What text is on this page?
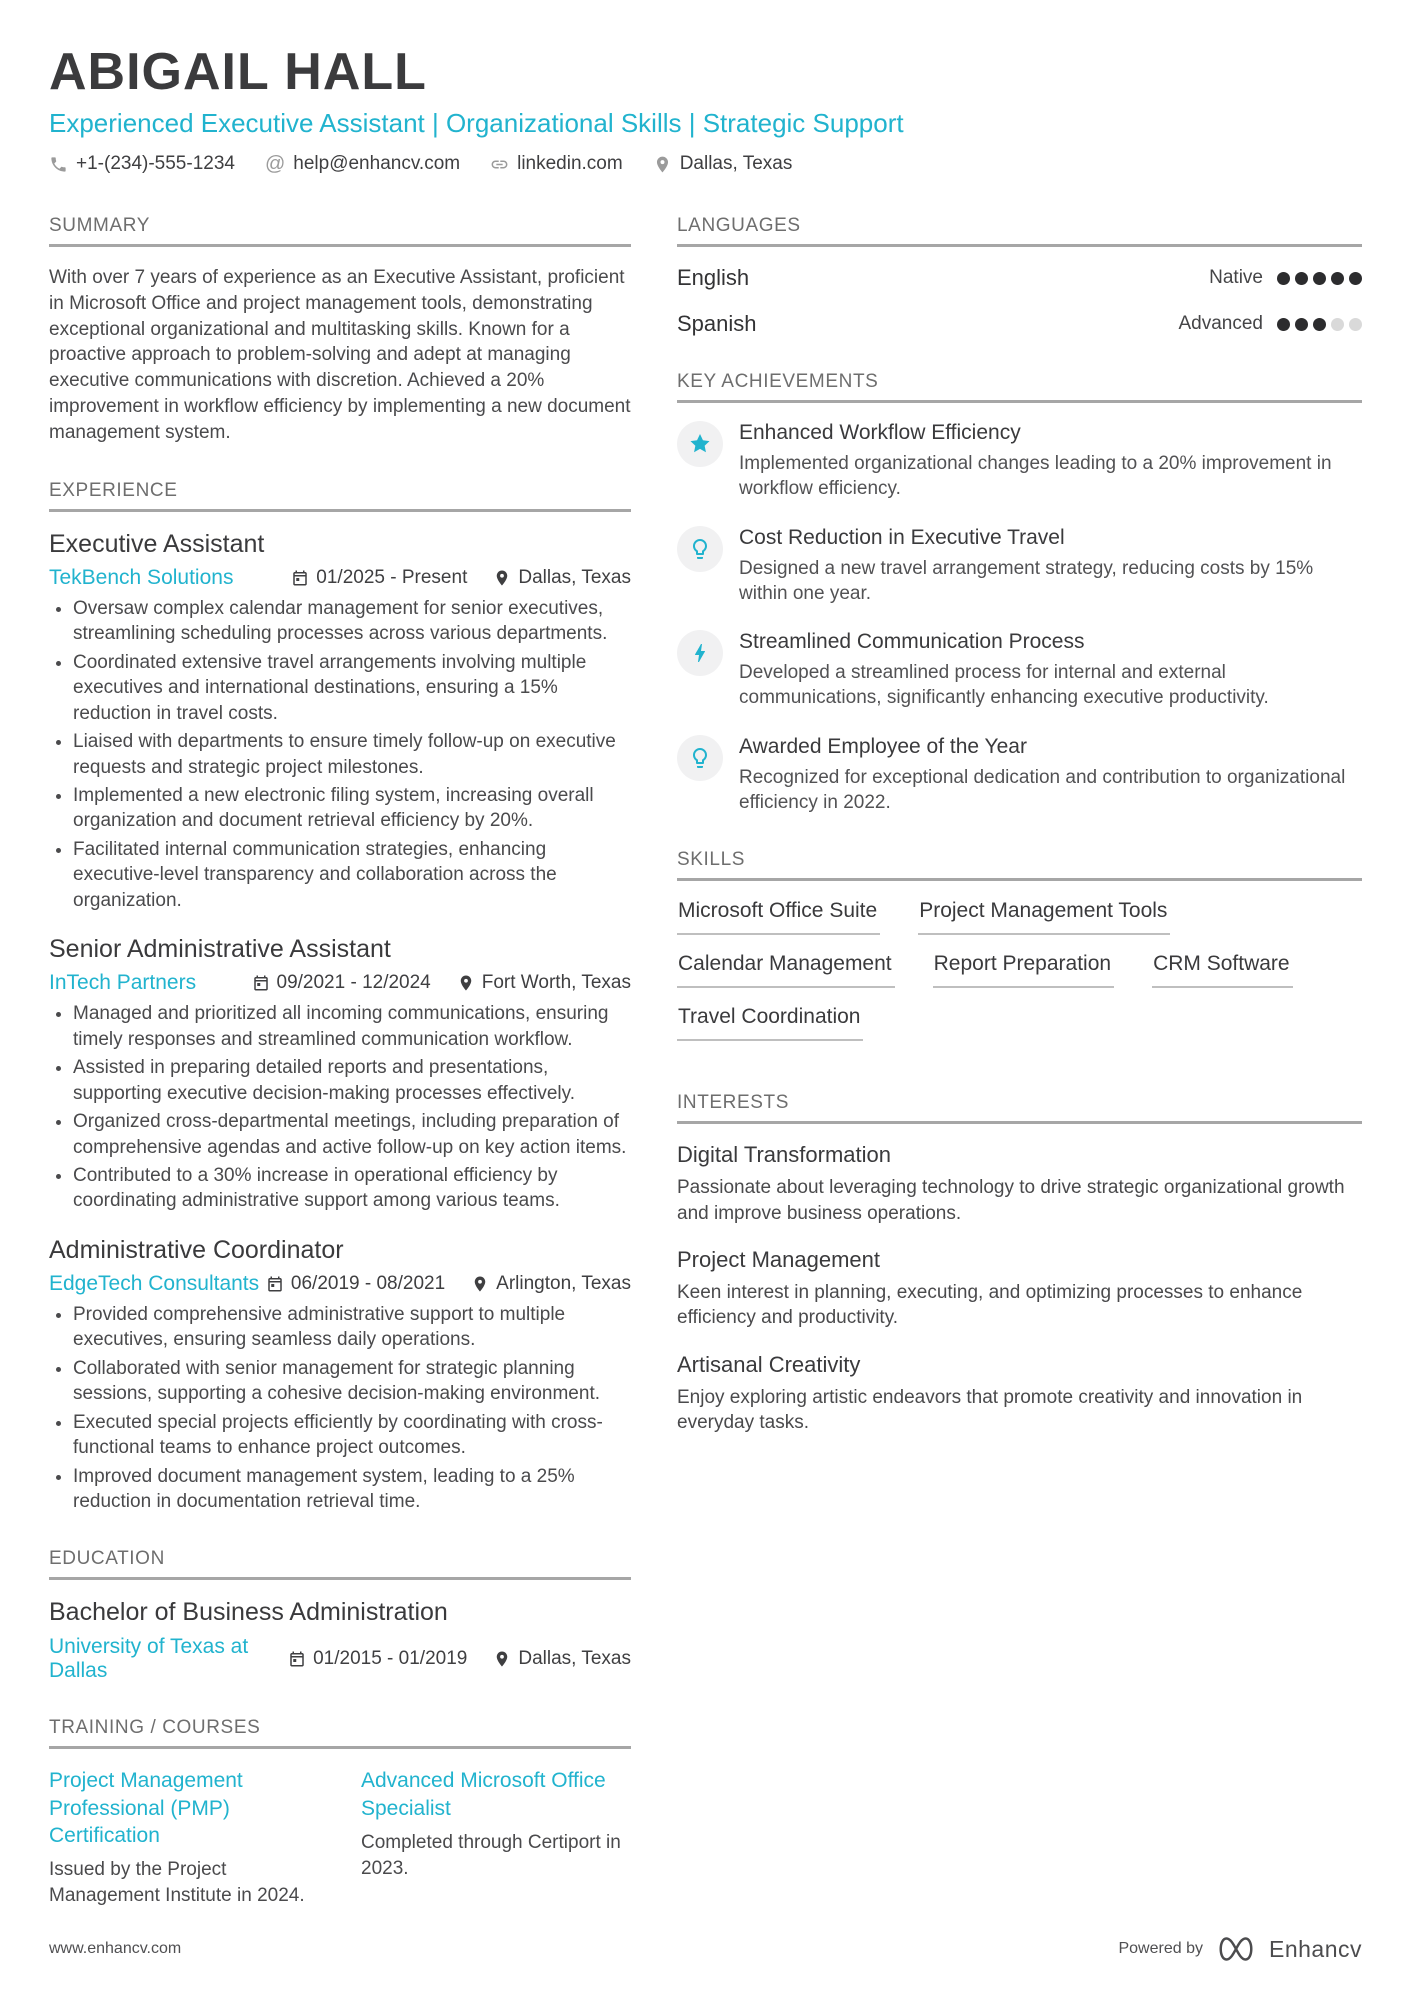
ABIGAIL HALL
Experienced Executive Assistant | Organizational Skills | Strategic Support
+1-(234)-555-1234 @ help@enhancv.com	linkedin.com	Dallas, Texas
SUMMARY
With over 7 years of experience as an Executive Assistant, proficient in Microsoft Office and project management tools, demonstrating exceptional organizational and multitasking skills. Known for a proactive approach to problem-solving and adept at managing executive communications with discretion. Achieved a 20% improvement in workflow efficiency by implementing a new document management system.
EXPERIENCE
Executive Assistant
TekBench Solutions	01/2025 - Present	Dallas, Texas
• Oversaw complex calendar management for senior executives, streamlining scheduling processes across various departments.
• Coordinated extensive travel arrangements involving multiple executives and international destinations, ensuring a 15% reduction in travel costs.
• Liaised with departments to ensure timely follow-up on executive requests and strategic project milestones.
• Implemented a new electronic filing system, increasing overall organization and document retrieval efficiency by 20%.
• Facilitated internal communication strategies, enhancing executive-level transparency and collaboration across the organization.
Senior Administrative Assistant
InTech Partners	09/2021 - 12/2024	Fort Worth, Texas
• Managed and prioritized all incoming communications, ensuring timely responses and streamlined communication workflow.
• Assisted in preparing detailed reports and presentations, supporting executive decision-making processes effectively.
• Organized cross-departmental meetings, including preparation of comprehensive agendas and active follow-up on key action items.
• Contributed to a 30% increase in operational efficiency by coordinating administrative support among various teams.
Administrative Coordinator
EdgeTech Consultants	06/2019 - 08/2021	Arlington, Texas
• Provided comprehensive administrative support to multiple executives, ensuring seamless daily operations.
• Collaborated with senior management for strategic planning sessions, supporting a cohesive decision-making environment.
• Executed special projects efficiently by coordinating with cross-functional teams to enhance project outcomes.
• Improved document management system, leading to a 25% reduction in documentation retrieval time.
EDUCATION
Bachelor of Business Administration
University of Texas at Dallas
01/2015 - 01/2019	Dallas, Texas
TRAINING / COURSES
Project Management Professional (PMP) Certification
Issued by the Project Management Institute in 2024.
Advanced Microsoft Office Specialist
Completed through Certiport in 2023.
LANGUAGES
English	Native
Spanish	Advanced
KEY ACHIEVEMENTS
Enhanced Workflow Efficiency
Implemented organizational changes leading to a 20% improvement in workflow efficiency.
Cost Reduction in Executive Travel
Designed a new travel arrangement strategy, reducing costs by 15% within one year.
Streamlined Communication Process
Developed a streamlined process for internal and external communications, significantly enhancing executive productivity.
Awarded Employee of the Year
Recognized for exceptional dedication and contribution to organizational efficiency in 2022.
SKILLS
Microsoft Office Suite Project Management Tools
Calendar Management Report Preparation CRM Software
Travel Coordination
INTERESTS
Digital Transformation
Passionate about leveraging technology to drive strategic organizational growth and improve business operations.
Project Management
Keen interest in planning, executing, and optimizing processes to enhance efficiency and productivity.
Artisanal Creativity
Enjoy exploring artistic endeavors that promote creativity and innovation in everyday tasks.
www.enhancv.com	Powered by	Enhancv
